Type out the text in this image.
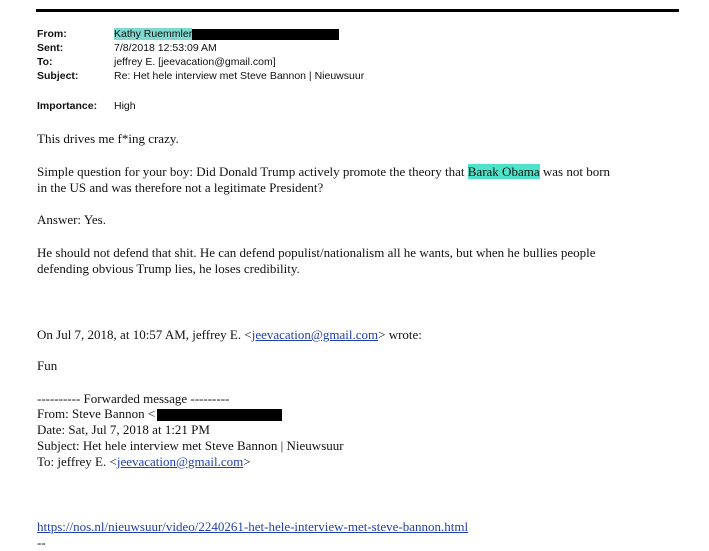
From:	Kathy Ruemmler
Sent:	7/8/2018 12:53:09 AM
To:	jeffrey E. [jeevacation@gmail.com]
Subject:	Re: Het hele interview met Steve Bannon | Nieuwsuur
Importance: High
This drives me f*ing crazy.
Simple question for your boy: Did Donald Trump actively promote the theory that Barak Obama was not born
in the US and was therefore not a legitimate President?
Answer: Yes.
He should not defend that shit. He can defend populist/nationalism all he wants, but when he bullies people
defending obvious Trump lies, he loses credibility.
On Jul 7, 2018, at 10:57 AM, jeffrey E. <jeevacation@gmail.com> wrote:
Fun
---------- Forwarded message ---------
From: Steve Bannon <
Date: Sat, Jul 7, 2018 at 1:21 PM
Subject: Het hele interview met Steve Bannon | Nieuwsuur
To: jeffrey E. <jeevacation@gmail.com>
https://nos.nl/nieuwsuur/video/2240261-het-hele-interview-met-steve-bannon.html
--
